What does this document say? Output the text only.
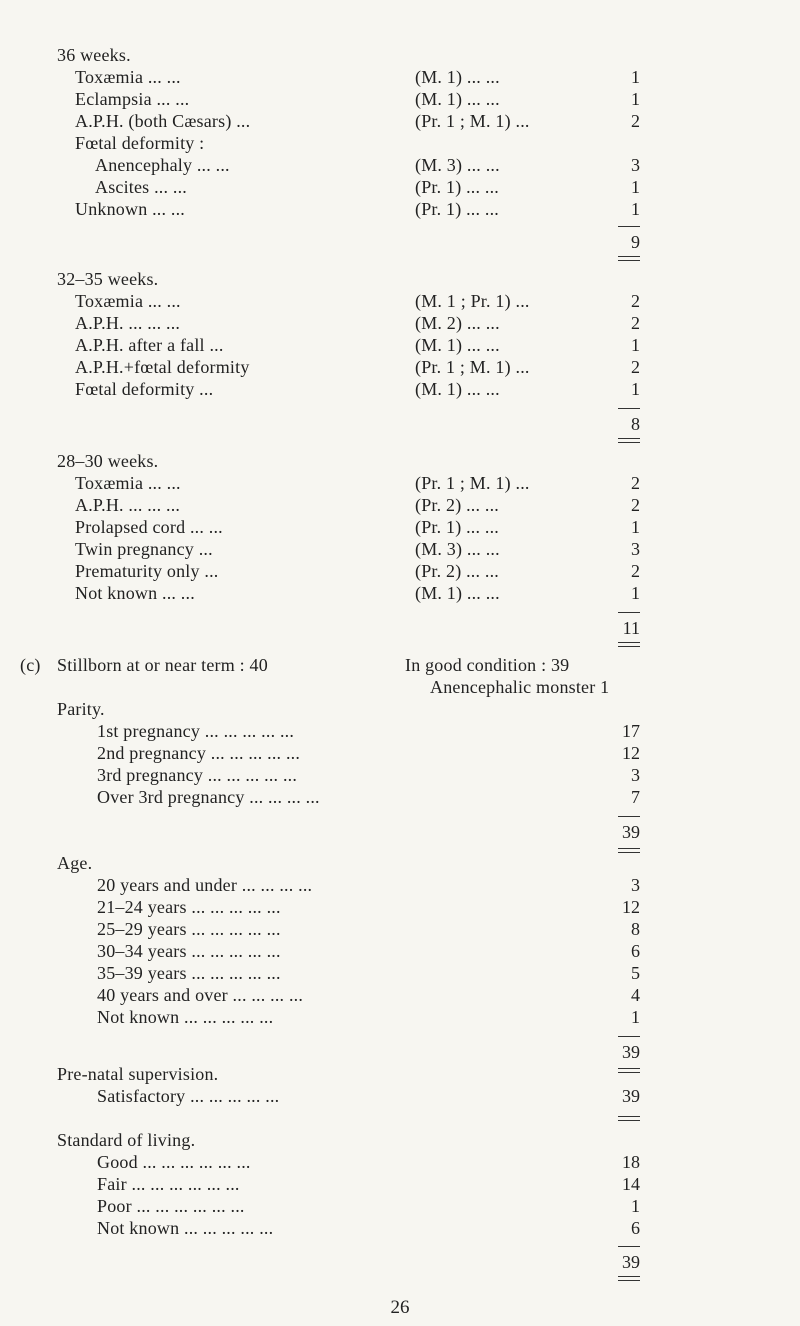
36 weeks.
Toxæmia ... ...	(M. 1) ... ...	1
Eclampsia ... ...	(M. 1) ... ...	1
A.P.H. (both Cæsars) ...	(Pr. 1 ; M. 1) ...	2
Fœtal deformity :
Anencephaly ... ...	(M. 3) ... ...	3
Ascites ... ...	(Pr. 1) ... ...	1
Unknown ... ...	(Pr. 1) ... ...	1
9
32–35 weeks.
Toxæmia ... ...	(M. 1 ; Pr. 1) ...	2
A.P.H. ... ... ...	(M. 2) ... ...	2
A.P.H. after a fall ...	(M. 1) ... ...	1
A.P.H.+fœtal deformity	(Pr. 1 ; M. 1) ...	2
Fœtal deformity ...	(M. 1) ... ...	1
8
28–30 weeks.
Toxæmia ... ...	(Pr. 1 ; M. 1) ...	2
A.P.H. ... ... ...	(Pr. 2) ... ...	2
Prolapsed cord ... ...	(Pr. 1) ... ...	1
Twin pregnancy ...	(M. 3) ... ...	3
Prematurity only ...	(Pr. 2) ... ...	2
Not known ... ...	(M. 1) ... ...	1
11
(c) Stillborn at or near term : 40	In good condition : 39
Anencephalic monster 1
Parity.
1st pregnancy ... ... ... ... ...	17
2nd pregnancy ... ... ... ... ...	12
3rd pregnancy ... ... ... ... ...	3
Over 3rd pregnancy ... ... ... ...	7
39
Age.
20 years and under ... ... ... ...	3
21–24 years ... ... ... ... ...	12
25–29 years ... ... ... ... ...	8
30–34 years ... ... ... ... ...	6
35–39 years ... ... ... ... ...	5
40 years and over ... ... ... ...	4
Not known ... ... ... ... ...	1
39
Pre-natal supervision.
Satisfactory ... ... ... ... ...	39
Standard of living.
Good ... ... ... ... ... ...	18
Fair ... ... ... ... ... ...	14
Poor ... ... ... ... ... ...	1
Not known ... ... ... ... ...	6
39
26
